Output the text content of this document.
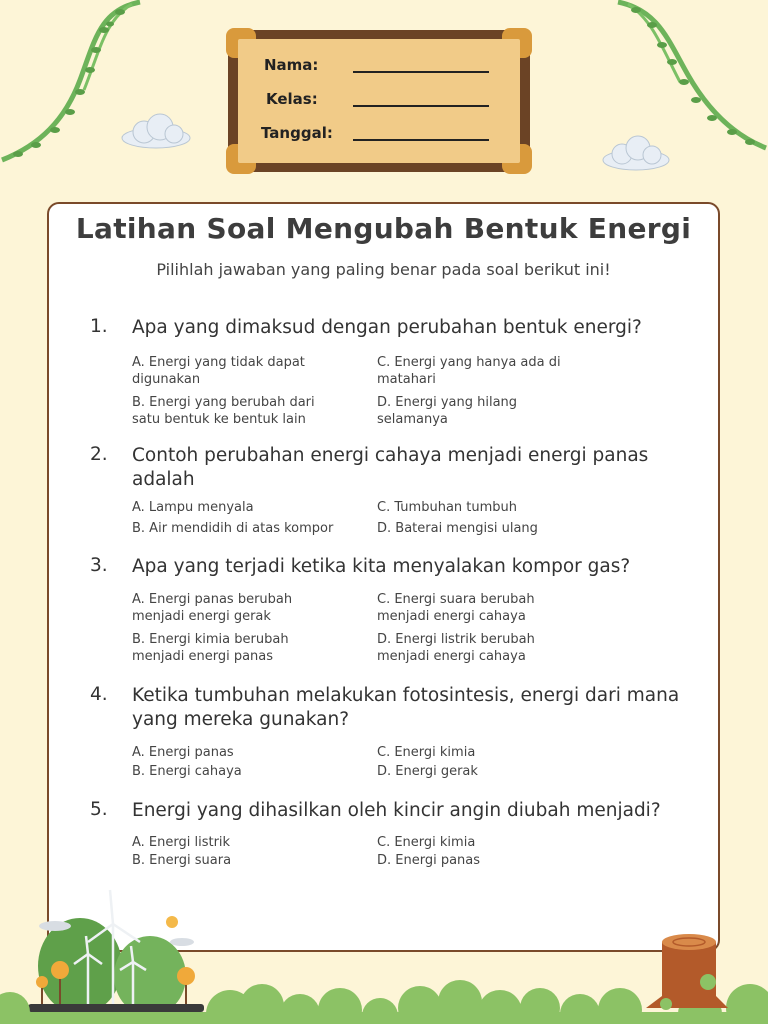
Nama:
Kelas:
Tanggal:
Latihan Soal Mengubah Bentuk Energi
Pilihlah jawaban yang paling benar pada soal berikut ini!
1. Apa yang dimaksud dengan perubahan bentuk energi?
A. Energi yang tidak dapat digunakan
B. Energi yang berubah dari satu bentuk ke bentuk lain
C. Energi yang hanya ada di matahari
D. Energi yang hilang selamanya
2. Contoh perubahan energi cahaya menjadi energi panas adalah
A. Lampu menyala
B. Air mendidih di atas kompor
C. Tumbuhan tumbuh
D. Baterai mengisi ulang
3. Apa yang terjadi ketika kita menyalakan kompor gas?
A. Energi panas berubah menjadi energi gerak
B. Energi kimia berubah menjadi energi panas
C. Energi suara berubah menjadi energi cahaya
D. Energi listrik berubah menjadi energi cahaya
4. Ketika tumbuhan melakukan fotosintesis, energi dari mana yang mereka gunakan?
A. Energi panas
B. Energi cahaya
C. Energi kimia
D. Energi gerak
5. Energi yang dihasilkan oleh kincir angin diubah menjadi?
A. Energi listrik
B. Energi suara
C. Energi kimia
D. Energi panas
